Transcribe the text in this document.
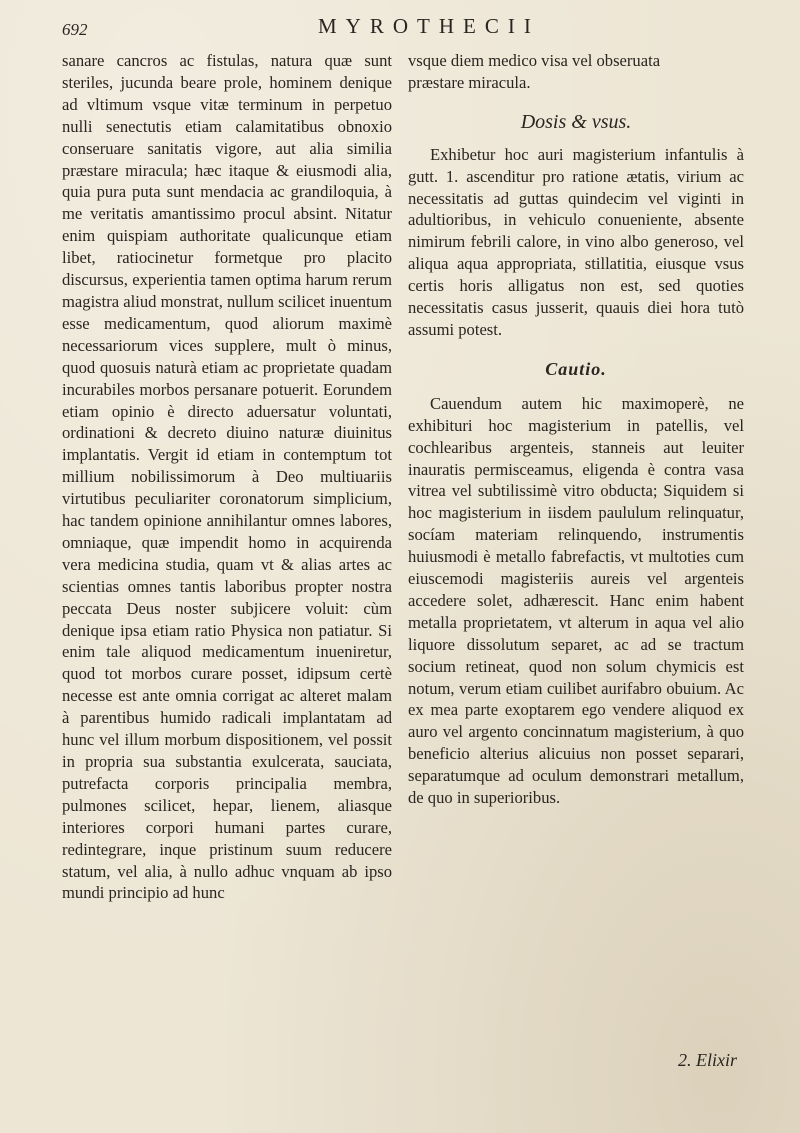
692	MYROTHECII

sanare cancros ac fistulas, natura quæ sunt steriles, jucunda beare prole, hominem denique ad vltimum vsque vitæ terminum in perpetuo nulli senectutis etiam calamitatibus obnoxio conseruare sanitatis vigore, aut alia similia præstare miracula; hæc itaque & eiusmodi alia, quia pura puta sunt mendacia ac grandiloquia, à me veritatis amantissimo procul absint. Nitatur enim quispiam authoritate qualicunque etiam libet, ratiocinetur formetque pro placito discursus, experientia tamen optima harum rerum magistra aliud monstrat, nullum scilicet inuentum esse medicamentum, quod aliorum maximè necessariorum vices supplere, mult ò minus, quod quosuis naturà etiam ac proprietate quadam incurabiles morbos persanare potuerit. Eorundem etiam opinio è directo aduersatur voluntati, ordinationi & decreto diuino naturæ diuinitus implantatis. Vergit id etiam in contemptum tot millium nobilissimorum à Deo multiuariis virtutibus peculiariter coronatorum simplicium, hac tandem opinione annihilantur omnes labores, omniaque, quæ impendit homo in acquirenda vera medicina studia, quam vt & alias artes ac scientias omnes tantis laboribus propter nostra peccata Deus noster subjicere voluit: cùm denique ipsa etiam ratio Physica non patiatur. Si enim tale aliquod medicamentum inueniretur, quod tot morbos curare posset, idipsum certè necesse est ante omnia corrigat ac alteret malam à parentibus humido radicali implantatam ad hunc vel illum morbum dispositionem, vel possit in propria sua substantia exulcerata, sauciata, putrefacta corporis principalia membra, pulmones scilicet, hepar, lienem, aliasque interiores corpori humani partes curare, redintegrare, inque pristinum suum reducere statum, vel alia, à nullo adhuc vnquam ab ipso mundi principio ad hunc

vsque diem medico visa vel obseruata
præstare miracula.
Dosis & vsus.

Exhibetur hoc auri magisterium infantulis à gutt. 1. ascenditur pro ratione ætatis, virium ac necessitatis ad guttas quindecim vel viginti in adultioribus, in vehiculo conueniente, absente nimirum febrili calore, in vino albo generoso, vel aliqua aqua appropriata, stillatitia, eiusque vsus certis horis alligatus non est, sed quoties necessitatis casus jusserit, quauis diei hora tutò assumi potest.

Cautio.

Cauendum autem hic maximoperè, ne exhibituri hoc magisterium in patellis, vel cochlearibus argenteis, stanneis aut leuiter inauratis permisceamus, eligenda è contra vasa vitrea vel subtilissimè vitro obducta; Siquidem si hoc magisterium in iisdem paululum relinquatur, socíam materiam relinquendo, instrumentis huiusmodi è metallo fabrefactis, vt multoties cum eiuscemodi magisteriis aureis vel argenteis accedere solet, adhærescit. Hanc enim habent metalla proprietatem, vt alterum in aqua vel alio liquore dissolutum separet, ac ad se tractum socium retineat, quod non solum chymicis est notum, verum etiam cuilibet aurifabro obuium. Ac ex mea parte exoptarem ego vendere aliquod ex auro vel argento concinnatum magisterium, à quo beneficio alterius alicuius non posset separari, separatumque ad oculum demonstrari metallum, de quo in superioribus.

2. Elixir
